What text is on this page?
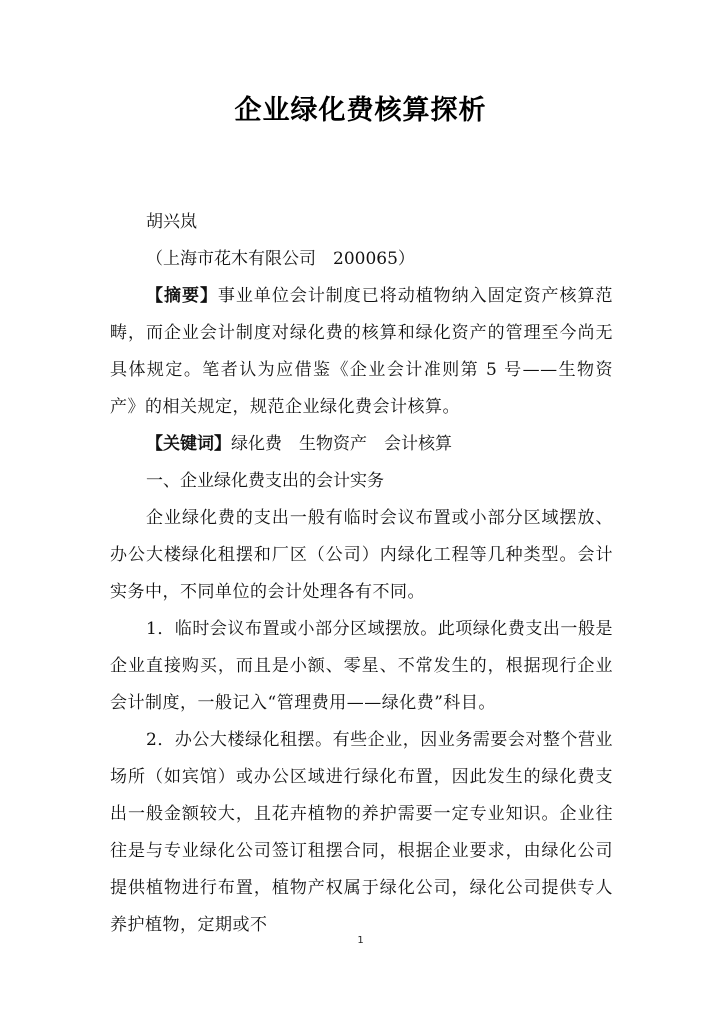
企业绿化费核算探析
胡兴岚
（上海市花木有限公司　200065）
【摘要】事业单位会计制度已将动植物纳入固定资产核算范畴，而企业会计制度对绿化费的核算和绿化资产的管理至今尚无具体规定。笔者认为应借鉴《企业会计准则第 5 号——生物资产》的相关规定，规范企业绿化费会计核算。
【关键词】绿化费　生物资产　会计核算
一、企业绿化费支出的会计实务
企业绿化费的支出一般有临时会议布置或小部分区域摆放、办公大楼绿化租摆和厂区（公司）内绿化工程等几种类型。会计实务中，不同单位的会计处理各有不同。
1．临时会议布置或小部分区域摆放。此项绿化费支出一般是企业直接购买，而且是小额、零星、不常发生的，根据现行企业会计制度，一般记入“管理费用——绿化费”科目。
2．办公大楼绿化租摆。有些企业，因业务需要会对整个营业场所（如宾馆）或办公区域进行绿化布置，因此发生的绿化费支出一般金额较大，且花卉植物的养护需要一定专业知识。企业往往是与专业绿化公司签订租摆合同，根据企业要求，由绿化公司提供植物进行布置，植物产权属于绿化公司，绿化公司提供专人养护植物，定期或不
1
